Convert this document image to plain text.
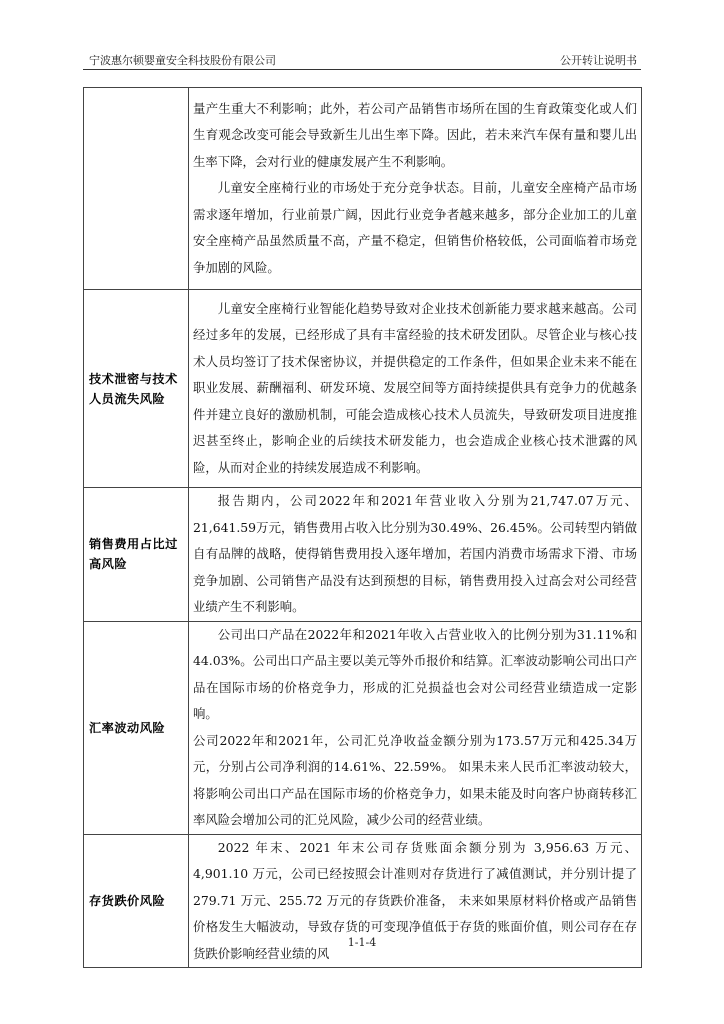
宁波惠尔顿婴童安全科技股份有限公司	公开转让说明书

	量产生重大不利影响；此外，若公司产品销售市场所在国的生育政策变化或人们生育观念改变可能会导致新生儿出生率下降。因此，若未来汽车保有量和婴儿出生率下降，会对行业的健康发展产生不利影响。

儿童安全座椅行业的市场处于充分竞争状态。目前，儿童安全座椅产品市场需求逐年增加，行业前景广阔，因此行业竞争者越来越多，部分企业加工的儿童安全座椅产品虽然质量不高，产量不稳定，但销售价格较低，公司面临着市场竞争加剧的风险。

技术泄密与技术人员流失风险	儿童安全座椅行业智能化趋势导致对企业技术创新能力要求越来越高。公司经过多年的发展，已经形成了具有丰富经验的技术研发团队。尽管企业与核心技术人员均签订了技术保密协议，并提供稳定的工作条件，但如果企业未来不能在职业发展、薪酬福利、研发环境、发展空间等方面持续提供具有竞争力的优越条件并建立良好的激励机制，可能会造成核心技术人员流失，导致研发项目进度推迟甚至终止，影响企业的后续技术研发能力，也会造成企业核心技术泄露的风险，从而对企业的持续发展造成不利影响。

销售费用占比过高风险	报告期内，公司2022年和2021年营业收入分别为21,747.07万元、21,641.59万元，销售费用占收入比分别为30.49%、26.45%。公司转型内销做自有品牌的战略，使得销售费用投入逐年增加，若国内消费市场需求下滑、市场竞争加剧、公司销售产品没有达到预想的目标，销售费用投入过高会对公司经营业绩产生不利影响。

汇率波动风险	公司出口产品在2022年和2021年收入占营业收入的比例分别为31.11%和44.03%。公司出口产品主要以美元等外币报价和结算。汇率波动影响公司出口产品在国际市场的价格竞争力，形成的汇兑损益也会对公司经营业绩造成一定影响。

公司2022年和2021年，公司汇兑净收益金额分别为173.57万元和425.34万元，分别占公司净利润的14.61%、22.59%。 如果未来人民币汇率波动较大，将影响公司出口产品在国际市场的价格竞争力，如果未能及时向客户协商转移汇率风险会增加公司的汇兑风险，减少公司的经营业绩。

存货跌价风险	2022 年末、2021 年末公司存货账面余额分别为 3,956.63 万元、4,901.10 万元，公司已经按照会计准则对存货进行了减值测试，并分别计提了 279.71 万元、255.72 万元的存货跌价准备， 未来如果原材料价格或产品销售价格发生大幅波动，导致存货的可变现净值低于存货的账面价值，则公司存在存货跌价影响经营业绩的风

1-1-4
